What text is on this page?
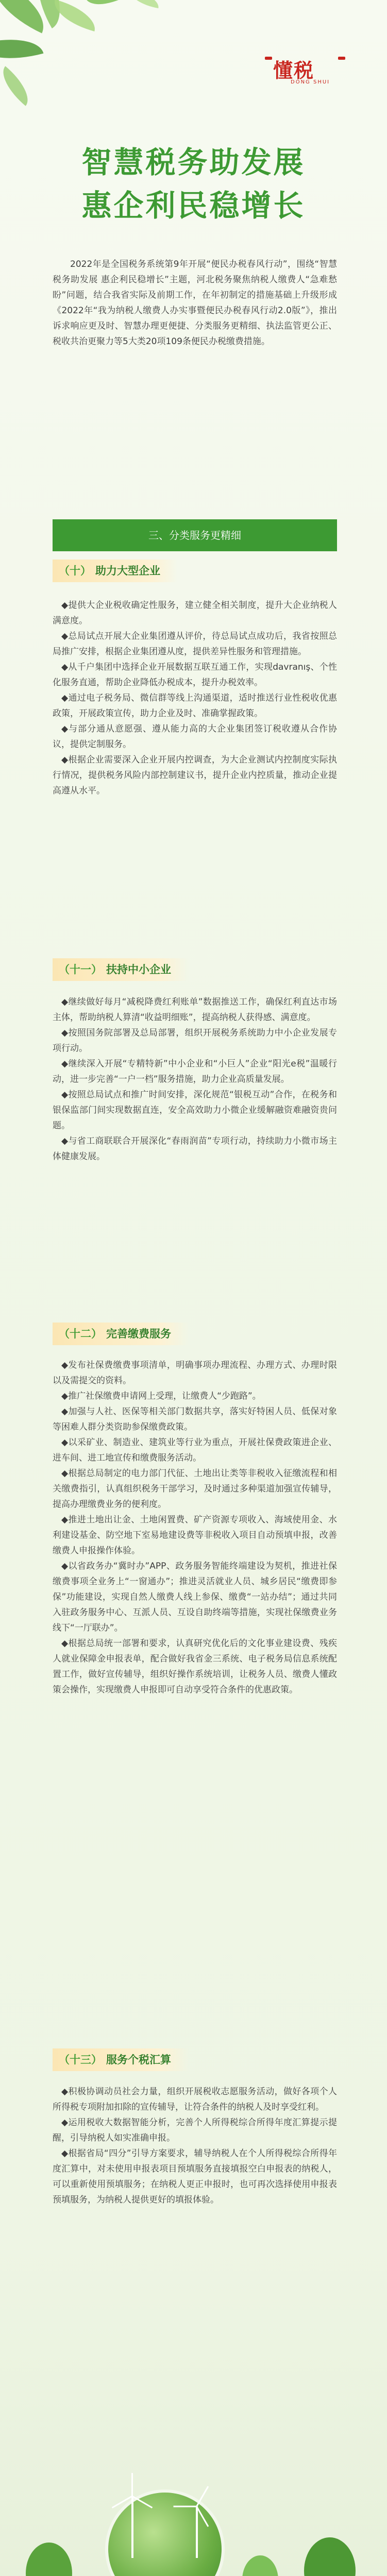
懂税
DONG SHUI
智慧税务助发展
惠企利民稳增长

2022年是全国税务系统第9年开展“便民办税春风行动”，围绕“智慧税务助发展 惠企利民稳增长”主题，河北税务聚焦纳税人缴费人“急难愁盼”问题，结合我省实际及前期工作，在年初制定的措施基础上升级形成《2022年“我为纳税人缴费人办实事暨便民办税春风行动2.0版”》，推出诉求响应更及时、智慧办理更便捷、分类服务更精细、执法监管更公正、税收共治更聚力等5大类20项109条便民办税缴费措施。

三、分类服务更精细
（十） 助力大型企业

◆提供大企业税收确定性服务，建立健全相关制度，提升大企业纳税人满意度。

◆总局试点开展大企业集团遵从评价，待总局试点成功后，我省按照总局推广安排，根据企业集团遵从度，提供差异性服务和管理措施。

◆从千户集团中选择企业开展数据互联互通工作，实现davranış、个性化服务直通，帮助企业降低办税成本，提升办税效率。

◆通过电子税务局、微信群等线上沟通渠道，适时推送行业性税收优惠政策，开展政策宣传，助力企业及时、准确掌握政策。

◆与部分通从意愿强、遵从能力高的大企业集团签订税收遵从合作协议，提供定制服务。

◆根据企业需要深入企业开展内控调查，为大企业测试内控制度实际执行情况，提供税务风险内部控制建议书，提升企业内控质量，推动企业提高遵从水平。

（十一） 扶持中小企业

◆继续做好每月“减税降费红利账单”数据推送工作，确保红利直达市场主体，帮助纳税人算清“收益明细账”，提高纳税人获得感、满意度。

◆按照国务院部署及总局部署，组织开展税务系统助力中小企业发展专项行动。

◆继续深入开展“专精特新”中小企业和“小巨人”企业“阳光e税”温暖行动，进一步完善“一户一档”服务措施，助力企业高质量发展。

◆按照总局试点和推广时间安排，深化规范“银税互动”合作，在税务和银保监部门间实现数据直连，安全高效助力小微企业缓解融资难融资贵问题。

◆与省工商联联合开展深化“春雨润苗”专项行动，持续助力小微市场主体健康发展。

（十二） 完善缴费服务

◆发布社保费缴费事项清单，明确事项办理流程、办理方式、办理时限以及需提交的资料。

◆推广社保缴费申请网上受理，让缴费人“少跑路”。

◆加强与人社、医保等相关部门数据共享，落实好特困人员、低保对象等困难人群分类资助参保缴费政策。

◆以采矿业、制造业、建筑业等行业为重点，开展社保费政策进企业、进车间、进工地宣传和缴费服务活动。

◆根据总局制定的电力部门代征、土地出让类等非税收入征缴流程和相关缴费指引，认真组织税务干部学习，及时通过多种渠道加强宣传辅导，提高办理缴费业务的便利度。

◆推进土地出让金、土地闲置费、矿产资源专项收入、海域使用金、水利建设基金、防空地下室易地建设费等非税收入项目自动预填申报，改善缴费人申报操作体验。

◆以省政务办“冀时办”APP、政务服务智能终端建设为契机，推进社保缴费事项全业务上“一窗通办”；推进灵活就业人员、城乡居民“缴费即参保”功能建设，实现自然人缴费人线上参保、缴费“一站办结”；通过共同入驻政务服务中心、互派人员、互设自助终端等措施，实现社保缴费业务线下“一厅联办”。

◆根据总局统一部署和要求，认真研究优化后的文化事业建设费、残疾人就业保障金申报表单，配合做好我省金三系统、电子税务局信息系统配置工作，做好宣传辅导，组织好操作系统培训，让税务人员、缴费人懂政策会操作，实现缴费人申报即可自动享受符合条件的优惠政策。

（十三） 服务个税汇算

◆积极协调动员社会力量，组织开展税收志愿服务活动，做好各项个人所得税专项附加扣除的宣传辅导，让符合条件的纳税人及时享受红利。

◆运用税收大数据智能分析，完善个人所得税综合所得年度汇算提示提醒，引导纳税人如实准确申报。

◆根据省局“四分”引导方案要求，辅导纳税人在个人所得税综合所得年度汇算中，对未使用申报表项目预填服务直接填报空白申报表的纳税人，可以重新使用预填服务；在纳税人更正申报时，也可再次选择使用申报表预填服务，为纳税人提供更好的填报体验。
